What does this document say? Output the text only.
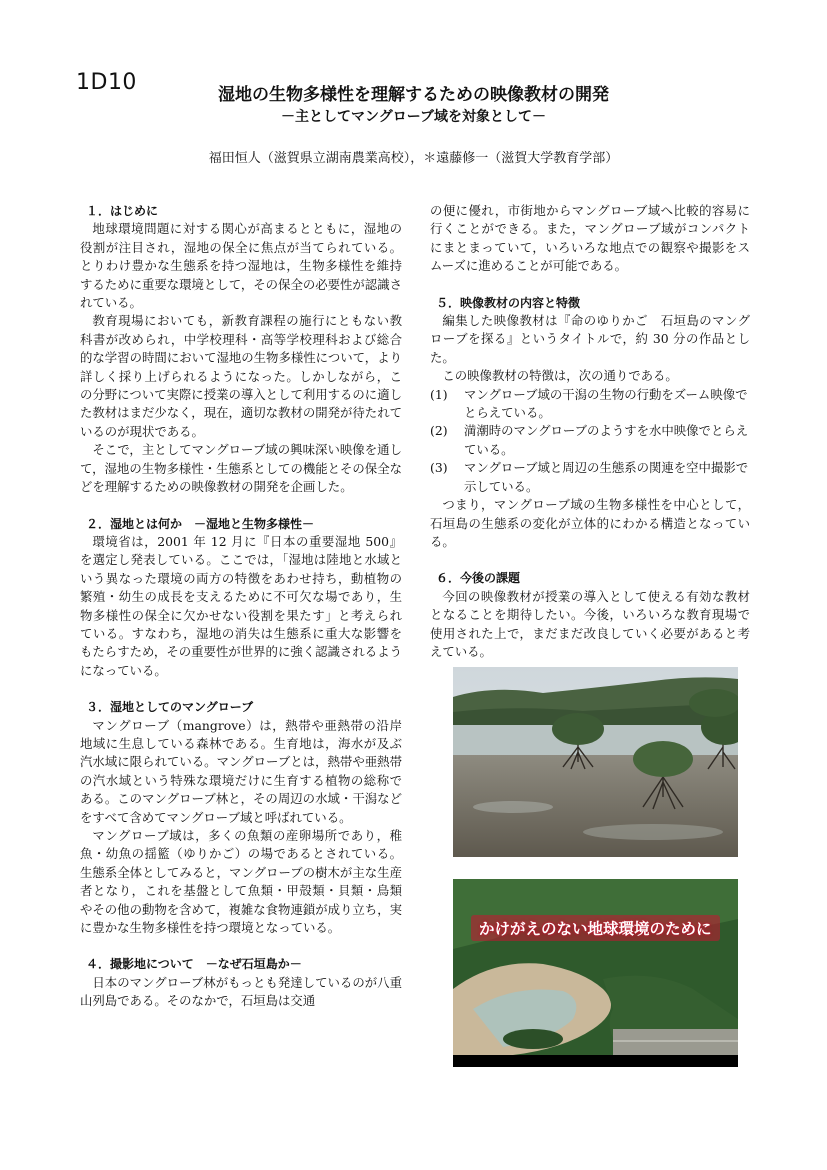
1D10	湿地の生物多様性を理解するための映像教材の開発
－主としてマングローブ域を対象として－
福田恒人（滋賀県立湖南農業高校），＊遠藤修一（滋賀大学教育学部）

１．はじめに

地球環境問題に対する関心が高まるとともに，湿地の役割が注目され，湿地の保全に焦点が当てられている。とりわけ豊かな生態系を持つ湿地は，生物多様性を維持するために重要な環境として，その保全の必要性が認識されている。

教育現場においても，新教育課程の施行にともない教科書が改められ，中学校理科・高等学校理科および総合的な学習の時間において湿地の生物多様性について，より詳しく採り上げられるようになった。しかしながら，この分野について実際に授業の導入として利用するのに適した教材はまだ少なく，現在，適切な教材の開発が待たれているのが現状である。

そこで，主としてマングローブ域の興味深い映像を通して，湿地の生物多様性・生態系としての機能とその保全などを理解するための映像教材の開発を企画した。

２．湿地とは何か　－湿地と生物多様性－

環境省は，2001 年 12 月に『日本の重要湿地 500』を選定し発表している。ここでは，「湿地は陸地と水域という異なった環境の両方の特徴をあわせ持ち，動植物の繁殖・幼生の成長を支えるために不可欠な場であり，生物多様性の保全に欠かせない役割を果たす」と考えられている。すなわち，湿地の消失は生態系に重大な影響をもたらすため，その重要性が世界的に強く認識されるようになっている。

３．湿地としてのマングローブ

マングローブ（mangrove）は，熱帯や亜熱帯の沿岸地域に生息している森林である。生育地は，海水が及ぶ汽水域に限られている。マングローブとは，熱帯や亜熱帯の汽水域という特殊な環境だけに生育する植物の総称である。このマングローブ林と，その周辺の水域・干潟などをすべて含めてマングローブ域と呼ばれている。

マングローブ域は，多くの魚類の産卵場所であり，稚魚・幼魚の揺籃（ゆりかご）の場であるとされている。生態系全体としてみると，マングローブの樹木が主な生産者となり，これを基盤として魚類・甲殻類・貝類・鳥類やその他の動物を含めて，複雑な食物連鎖が成り立ち，実に豊かな生物多様性を持つ環境となっている。

４．撮影地について　－なぜ石垣島か－

日本のマングローブ林がもっとも発達しているのが八重山列島である。そのなかで，石垣島は交通

の便に優れ，市街地からマングローブ域へ比較的容易に行くことができる。また，マングローブ域がコンパクトにまとまっていて，いろいろな地点での観察や撮影をスムーズに進めることが可能である。

５．映像教材の内容と特徴

編集した映像教材は『命のゆりかご　石垣島のマングローブを探る』というタイトルで，約 30 分の作品とした。

この映像教材の特徴は，次の通りである。

(1) マングローブ域の干潟の生物の行動をズーム映像でとらえている。

(2) 満潮時のマングローブのようすを水中映像でとらえている。

(3) マングローブ域と周辺の生態系の関連を空中撮影で示している。

つまり，マングローブ域の生物多様性を中心として，石垣島の生態系の変化が立体的にわかる構造となっている。

６．今後の課題

今回の映像教材が授業の導入として使える有効な教材となることを期待したい。今後，いろいろな教育現場で使用された上で，まだまだ改良していく必要があると考えている。

かけがえのない地球環境のために
